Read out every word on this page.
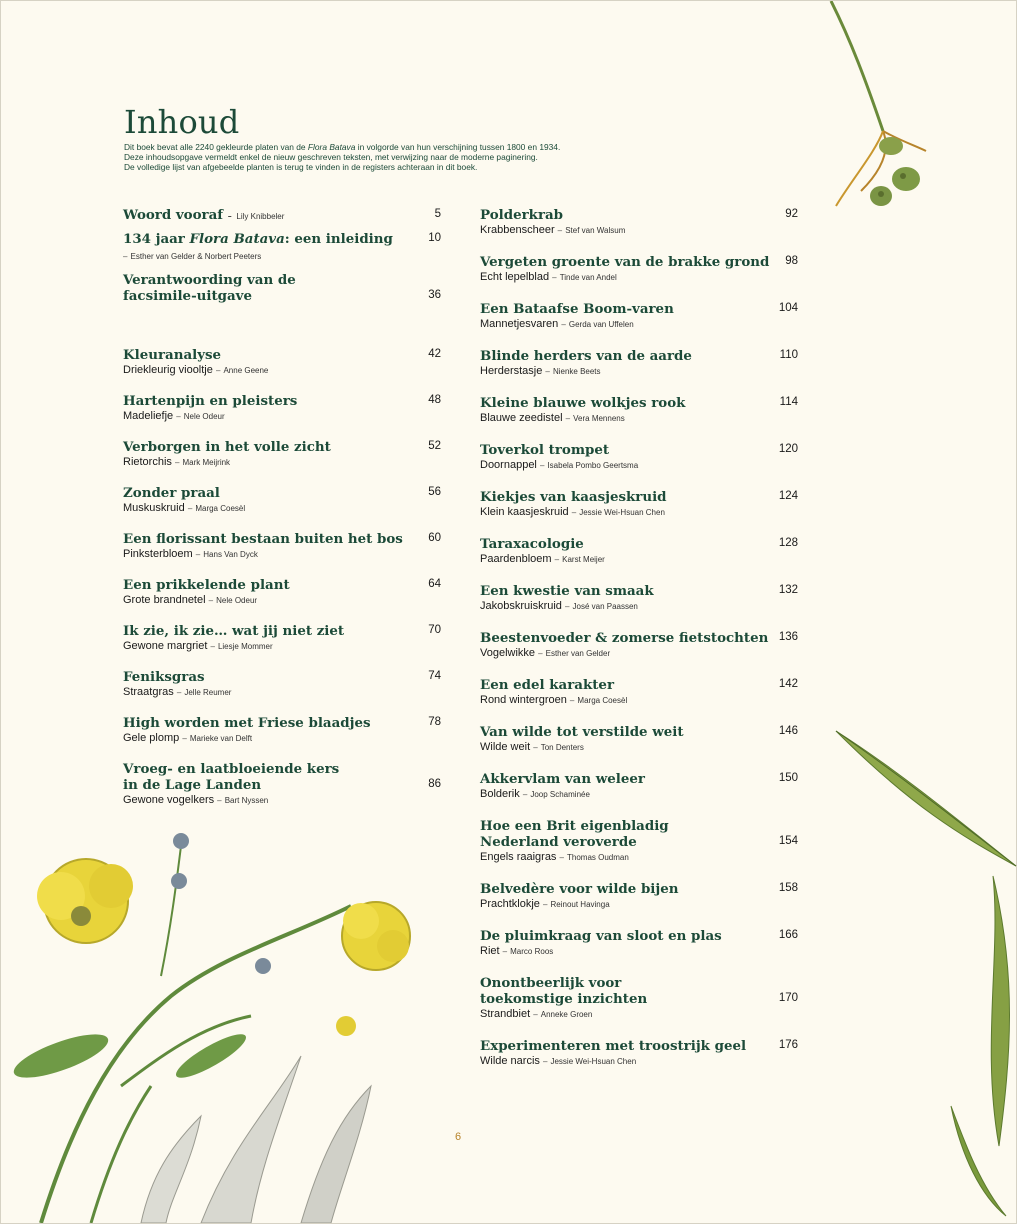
Inhoud
Dit boek bevat alle 2240 gekleurde platen van de Flora Batava in volgorde van hun verschijning tussen 1800 en 1934.
Deze inhoudsopgave vermeldt enkel de nieuw geschreven teksten, met verwijzing naar de moderne paginering.
De volledige lijst van afgebeelde planten is terug te vinden in de registers achteraan in dit boek.
5
Woord vooraf – Lily Knibbeler
10
134 jaar Flora Batava: een inleiding
– Esther van Gelder & Norbert Peeters
36
Verantwoording van de
facsimile-uitgave
42
Kleuranalyse
Driekleurig viooltje – Anne Geene
48
Hartenpijn en pleisters
Madeliefje – Nele Odeur
52
Verborgen in het volle zicht
Rietorchis – Mark Meijrink
56
Zonder praal
Muskuskruid – Marga Coesèl
60
Een florissant bestaan buiten het bos
Pinksterbloem – Hans Van Dyck
64
Een prikkelende plant
Grote brandnetel – Nele Odeur
70
Ik zie, ik zie… wat jij niet ziet
Gewone margriet – Liesje Mommer
74
Feniksgras
Straatgras – Jelle Reumer
78
High worden met Friese blaadjes
Gele plomp – Marieke van Delft
86
Vroeg- en laatbloeiende kers
in de Lage Landen
Gewone vogelkers – Bart Nyssen
92
Polderkrab
Krabbenscheer – Stef van Walsum
98
Vergeten groente van de brakke grond
Echt lepelblad – Tinde van Andel
104
Een Bataafse Boom-varen
Mannetjesvaren – Gerda van Uffelen
110
Blinde herders van de aarde
Herderstasje – Nienke Beets
114
Kleine blauwe wolkjes rook
Blauwe zeedistel – Vera Mennens
120
Toverkol trompet
Doornappel – Isabela Pombo Geertsma
124
Kiekjes van kaasjeskruid
Klein kaasjeskruid – Jessie Wei-Hsuan Chen
128
Taraxacologie
Paardenbloem – Karst Meijer
132
Een kwestie van smaak
Jakobskruiskruid – José van Paassen
136
Beestenvoeder & zomerse fietstochten
Vogelwikke – Esther van Gelder
142
Een edel karakter
Rond wintergroen – Marga Coesèl
146
Van wilde tot verstilde weit
Wilde weit – Ton Denters
150
Akkervlam van weleer
Bolderik – Joop Schaminée
154
Hoe een Brit eigenbladig
Nederland veroverde
Engels raaigras – Thomas Oudman
158
Belvedère voor wilde bijen
Prachtklokje – Reinout Havinga
166
De pluimkraag van sloot en plas
Riet – Marco Roos
170
Onontbeerlijk voor
toekomstige inzichten
Strandbiet – Anneke Groen
176
Experimenteren met troostrijk geel
Wilde narcis – Jessie Wei-Hsuan Chen
6
